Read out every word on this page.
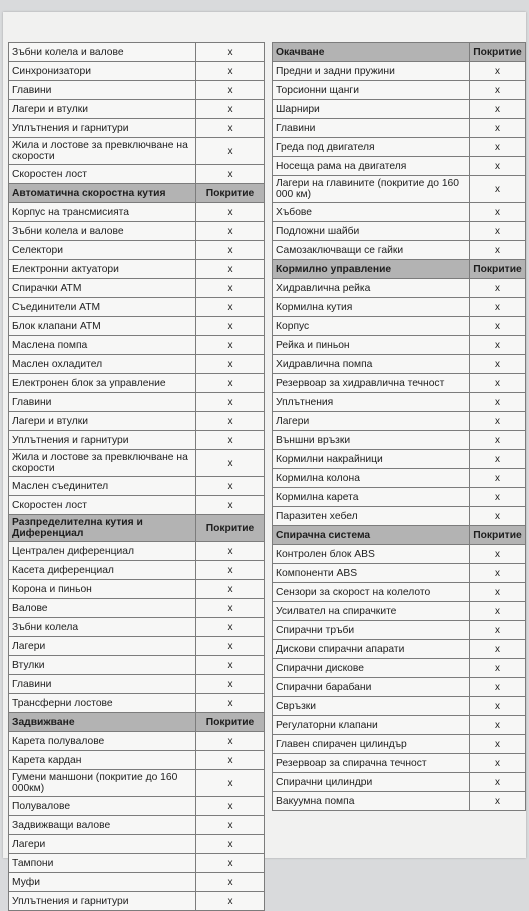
Зъбни колела и валове	x
Синхронизатори	x
Главини	x
Лагери и втулки	x
Уплътнения и гарнитури	x
Жила и лостове за превключване на скорости	x
Скоростен лост	x
Автоматична скоростна кутия	Покритие
Корпус на трансмисията	x
Зъбни колела и валове	x
Селектори	x
Електронни актуатори	x
Спирачки АТМ	x
Съединители АТМ	x
Блок клапани АТМ	x
Маслена помпа	x
Маслен охладител	x
Електронен блок за управление	x
Главини	x
Лагери и втулки	x
Уплътнения и гарнитури	x
Жила и лостове за превключване на скорости	x
Маслен съединител	x
Скоростен лост	x
Разпределителна кутия и Диференциал	Покритие
Централен диференциал	x
Касета диференциал	x
Корона и пиньон	x
Валове	x
Зъбни колела	x
Лагери	x
Втулки	x
Главини	x
Трансферни лостове	x
Задвижване	Покритие
Карета полувалове	x
Карета кардан	x
Гумени маншони (покритие до 160 000км)	x
Полувалове	x
Задвижващи валове	x
Лагери	x
Тампони	x
Муфи	x
Уплътнения и гарнитури	x
Окачване	Покритие
Предни и задни пружини	x
Торсионни щанги	x
Шарнири	x
Главини	x
Греда под двигателя	x
Носеща рама на двигателя	x
Лагери на главините (покритие до 160 000 км)	x
Хъбове	x
Подложни шайби	x
Самозаключващи се гайки	x
Кормилно управление	Покритие
Хидравлична рейка	x
Кормилна кутия	x
Корпус	x
Рейка и пиньон	x
Хидравлична помпа	x
Резервоар за хидравлична течност	x
Уплътнения	x
Лагери	x
Външни връзки	x
Кормилни накрайници	x
Кормилна колона	x
Кормилна карета	x
Паразитен хебел	x
Спирачна система	Покритие
Контролен блок ABS	x
Компоненти ABS	x
Сензори за скорост на колелото	x
Усилвател на спирачките	x
Спирачни тръби	x
Дискови спирачни апарати	x
Спирачни дискове	x
Спирачни барабани	x
Свръзки	x
Регулаторни клапани	x
Главен спирачен цилиндър	x
Резервоар за спирачна течност	x
Спирачни цилиндри	x
Вакуумна помпа	x
